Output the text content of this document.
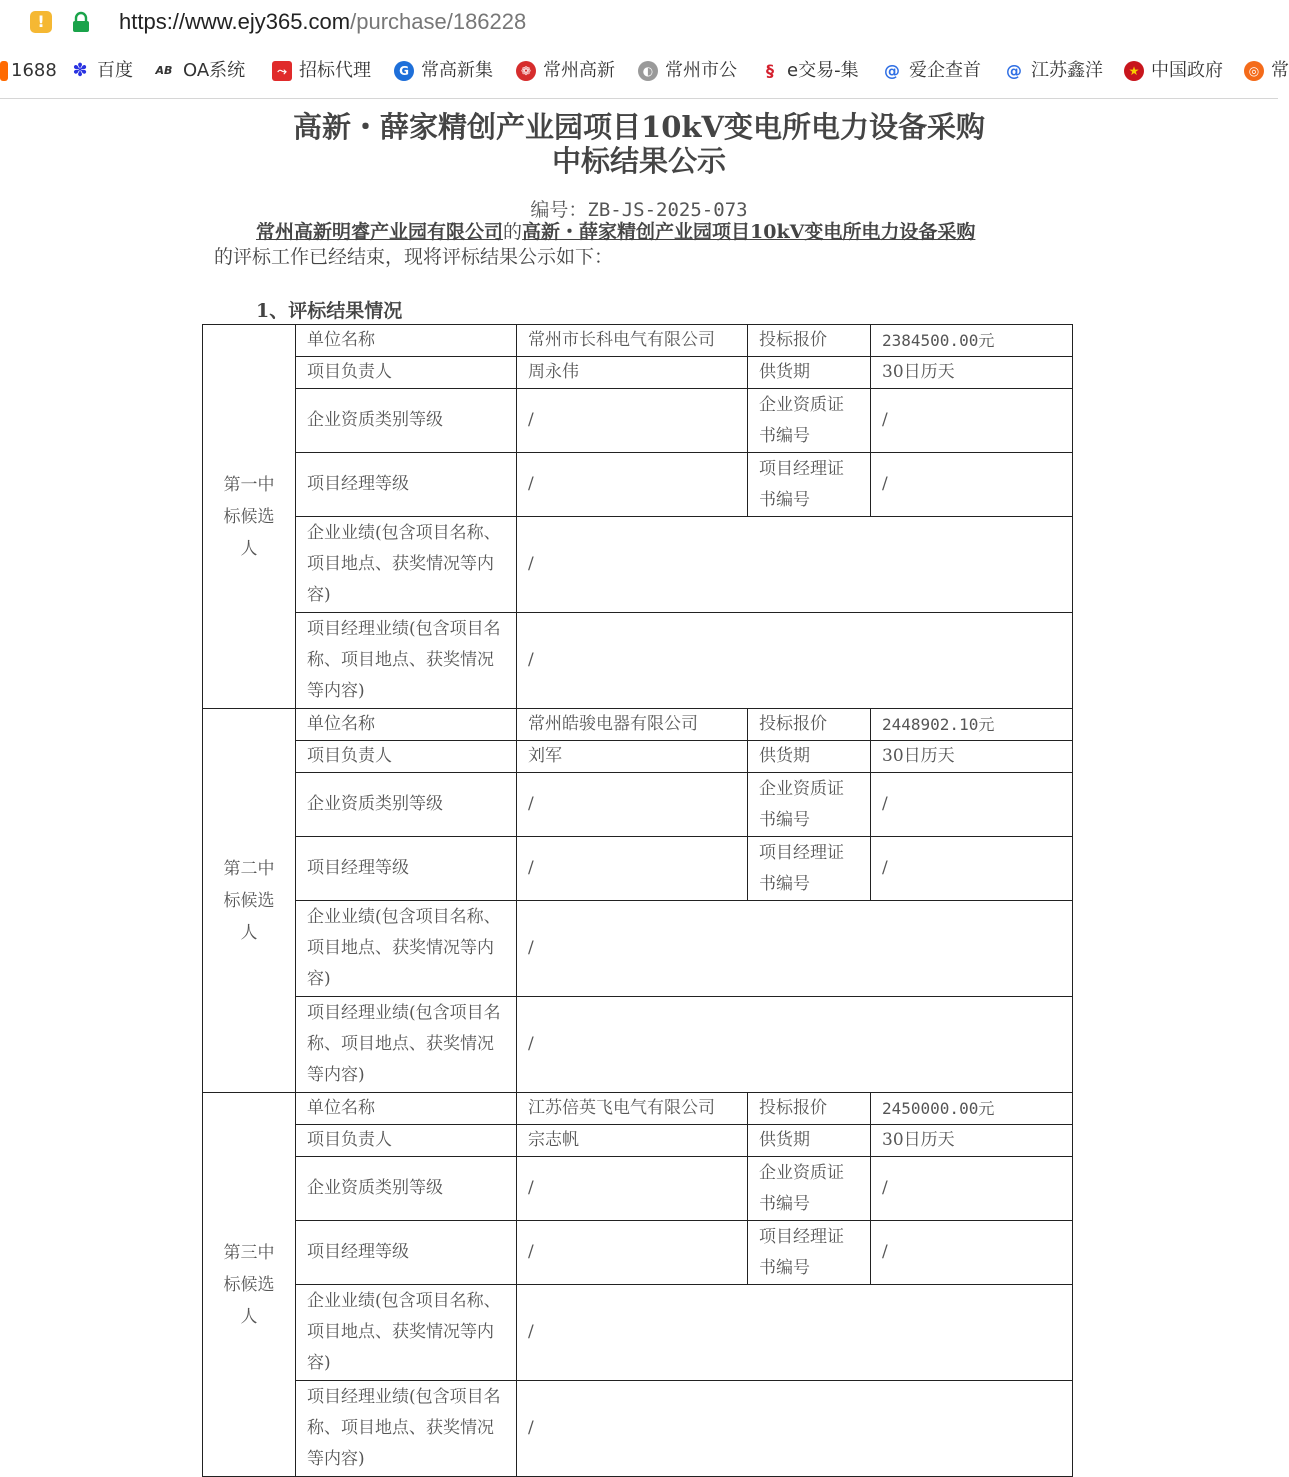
!	https://www.ejy365.com/purchase/186228
1688 ✽ 百度	AB OA系统	⤳ 招标代理	G 常高新集	❁ 常州高新	◐ 常州市公	§ e交易-集 @ 爱企查首 @ 江苏鑫洋	★ 中国政府	◎ 常
高新・薛家精创产业园项目10kV变电所电力设备采购
中标结果公示
编号：ZB-JS-2025-073
常州高新明睿产业园有限公司的高新・薛家精创产业园项目10kV变电所电力设备采购
的评标工作已经结束，现将评标结果公示如下：
1、评标结果情况
第一中标候选人	单位名称	常州市长科电气有限公司	投标报价	2384500.00元
	项目负责人	周永伟	供货期	30日历天
	企业资质类别等级	/	企业资质证书编号	/
	项目经理等级	/	项目经理证书编号	/
	企业业绩(包含项目名称、项目地点、获奖情况等内容)	/		
	项目经理业绩(包含项目名称、项目地点、获奖情况等内容)	/		
第二中标候选人	单位名称	常州皓骏电器有限公司	投标报价	2448902.10元
	项目负责人	刘军	供货期	30日历天
	企业资质类别等级	/	企业资质证书编号	/
	项目经理等级	/	项目经理证书编号	/
	企业业绩(包含项目名称、项目地点、获奖情况等内容)	/		
	项目经理业绩(包含项目名称、项目地点、获奖情况等内容)	/		
第三中标候选人	单位名称	江苏倍英飞电气有限公司	投标报价	2450000.00元
	项目负责人	宗志帆	供货期	30日历天
	企业资质类别等级	/	企业资质证书编号	/
	项目经理等级	/	项目经理证书编号	/
	企业业绩(包含项目名称、项目地点、获奖情况等内容)	/		
	项目经理业绩(包含项目名称、项目地点、获奖情况等内容)	/		
